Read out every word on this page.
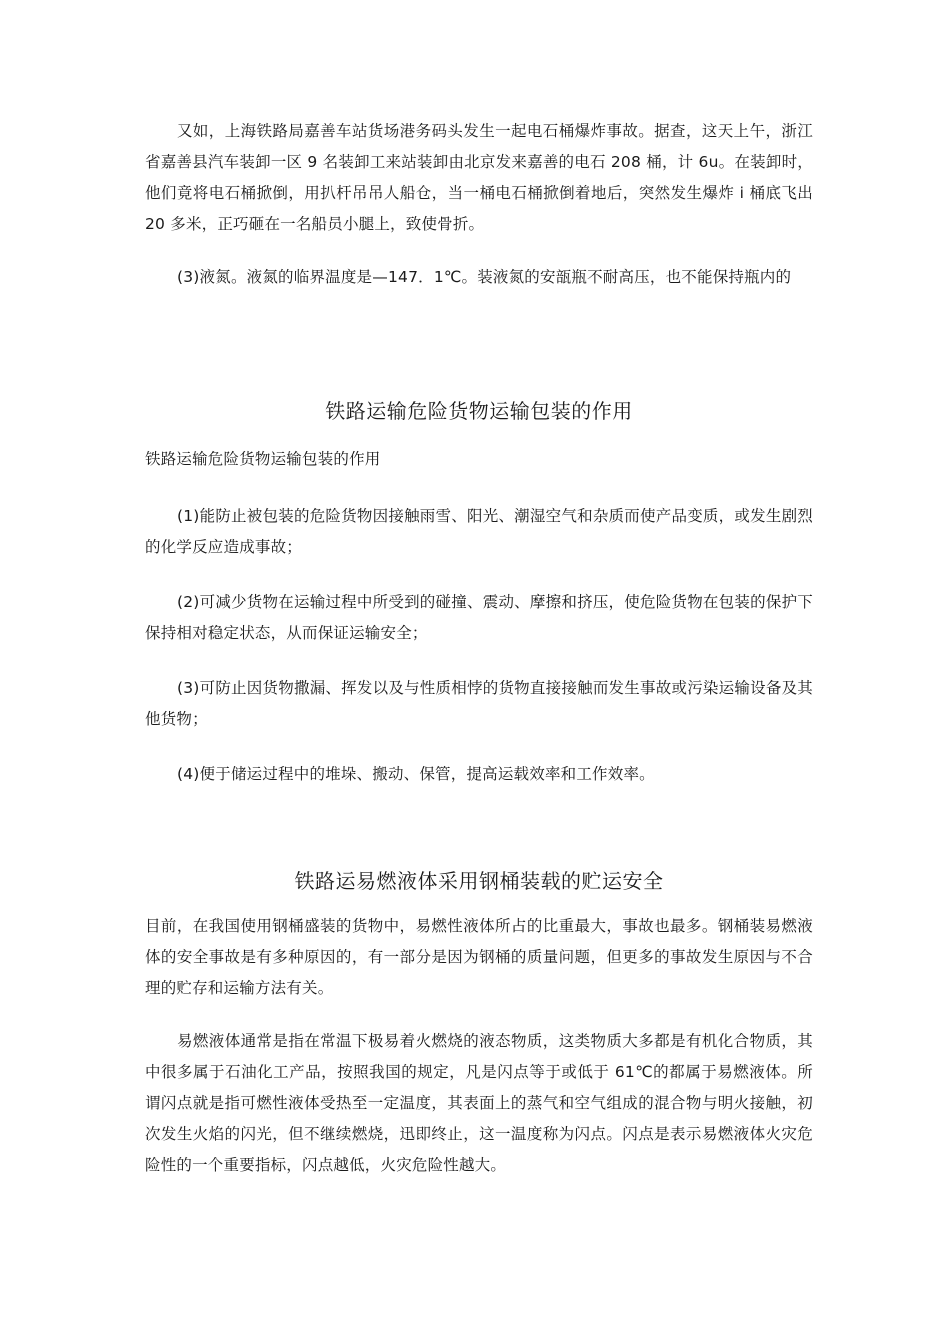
又如，上海铁路局嘉善车站货场港务码头发生一起电石桶爆炸事故。据查，这天上午，浙江省嘉善县汽车装卸一区 9 名装卸工来站装卸由北京发来嘉善的电石 208 桶，计 6u。在装卸时，他们竟将电石桶掀倒，用扒杆吊吊人船仓，当一桶电石桶掀倒着地后，突然发生爆炸 i 桶底飞出 20 多米，正巧砸在一名船员小腿上，致使骨折。

(3)液氮。液氮的临界温度是—147．1℃。装液氮的安瓿瓶不耐高压，也不能保持瓶内的

铁路运输危险货物运输包装的作用

铁路运输危险货物运输包装的作用

(1)能防止被包装的危险货物因接触雨雪、阳光、潮湿空气和杂质而使产品变质，或发生剧烈的化学反应造成事故；

(2)可减少货物在运输过程中所受到的碰撞、震动、摩擦和挤压，使危险货物在包装的保护下保持相对稳定状态，从而保证运输安全；

(3)可防止因货物撒漏、挥发以及与性质相悖的货物直接接触而发生事故或污染运输设备及其他货物；

(4)便于储运过程中的堆垛、搬动、保管，提高运载效率和工作效率。

铁路运易燃液体采用钢桶装载的贮运安全

目前，在我国使用钢桶盛装的货物中，易燃性液体所占的比重最大，事故也最多。钢桶装易燃液体的安全事故是有多种原因的，有一部分是因为钢桶的质量问题，但更多的事故发生原因与不合理的贮存和运输方法有关。

易燃液体通常是指在常温下极易着火燃烧的液态物质，这类物质大多都是有机化合物质，其中很多属于石油化工产品，按照我国的规定，凡是闪点等于或低于 61℃的都属于易燃液体。所谓闪点就是指可燃性液体受热至一定温度，其表面上的蒸气和空气组成的混合物与明火接触，初次发生火焰的闪光，但不继续燃烧，迅即终止，这一温度称为闪点。闪点是表示易燃液体火灾危险性的一个重要指标，闪点越低，火灾危险性越大。
